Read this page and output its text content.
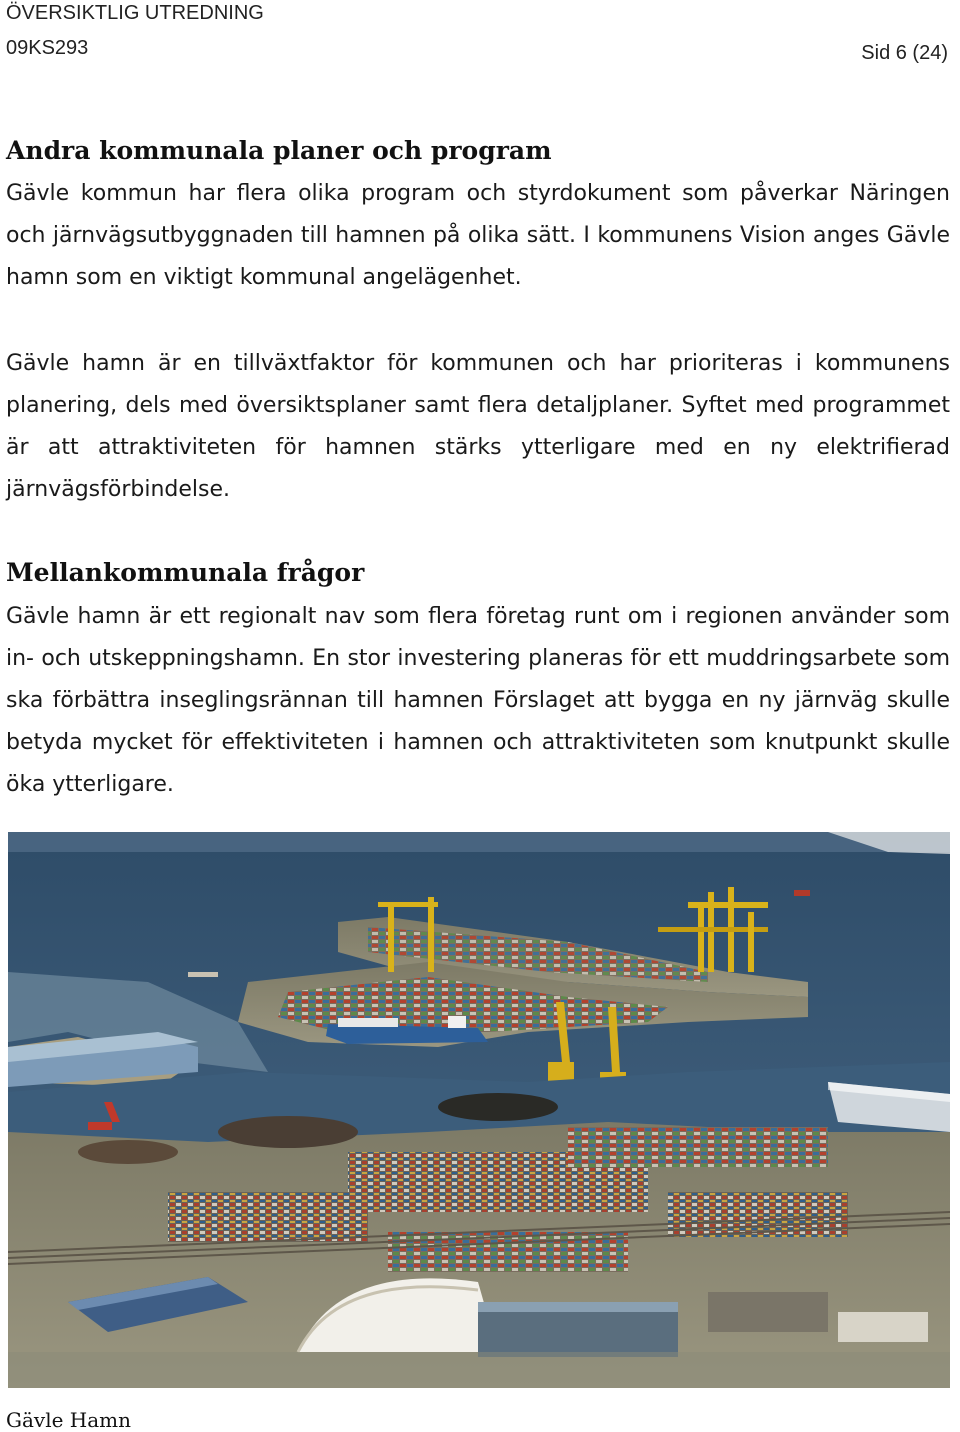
ÖVERSIKTLIG UTREDNING
09KS293	Sid 6 (24)
Andra kommunala planer och program

Gävle kommun har flera olika program och styrdokument som påverkar Näringen och järnvägsutbyggnaden till hamnen på olika sätt. I kommunens Vision anges Gävle hamn som en viktigt kommunal angelägenhet.

Gävle hamn är en tillväxtfaktor för kommunen och har prioriteras i kommunens planering, dels med översiktsplaner samt flera detaljplaner. Syftet med programmet är att attraktiviteten för hamnen stärks ytterligare med en ny elektrifierad järnvägsförbindelse.

Mellankommunala frågor

Gävle hamn är ett regionalt nav som flera företag runt om i regionen använder som in- och utskeppningshamn. En stor investering planeras för ett muddringsarbete som ska förbättra inseglingsrännan till hamnen Förslaget att bygga en ny järnväg skulle betyda mycket för effektiviteten i hamnen och attraktiviteten som knutpunkt skulle öka ytterligare.

Gävle Hamn
